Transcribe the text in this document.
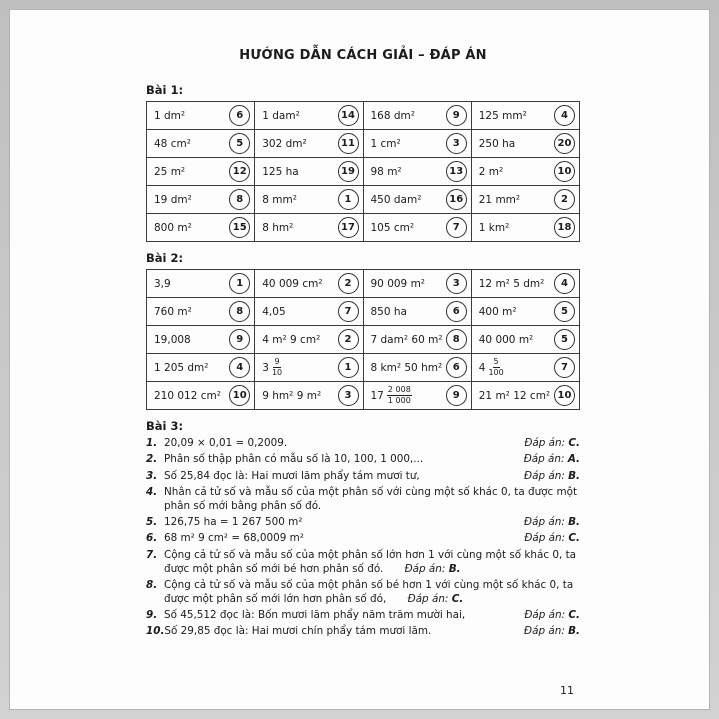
HƯỚNG DẪN CÁCH GIẢI – ĐÁP ÁN
Bài 1:
1 dm² 6	1 dam² 14	168 dm² 9	125 mm² 4

48 cm² 5	302 dm² 11	1 cm² 3	250 ha 20

25 m² 12	125 ha 19	98 m² 13	2 m² 10

19 dm² 8	8 mm² 1	450 dam² 16	21 mm² 2

800 m² 15	8 hm² 17	105 cm² 7	1 km² 18
Bài 2:
3,9 1	40 009 cm² 2	90 009 m² 3	12 m² 5 dm² 4

760 m² 8	4,05 7	850 ha 6	400 m² 5

19,008 9	4 m² 9 cm² 2	7 dam² 60 m² 8	40 000 m² 5

1 205 dm² 4	$3 \frac{9}{10} 1$	8 km² 50 hm² 6	$4 \frac{5}{100} 7$

210 012 cm² 10	9 hm² 9 m² 3	$17 \frac{2 008}{1 000} 9$	21 m² 12 cm² 10
Bài 3:
1. 20,09 × 0,01 = 0,2009.	Đáp án: C.
2. Phân số thập phân có mẫu số là 10, 100, 1 000,...	Đáp án: A.
3. Số 25,84 đọc là: Hai mươi lăm phẩy tám mươi tư,	Đáp án: B.
4. Nhân cả tử số và mẫu số của một phân số với cùng một số khác 0, ta được một phân số mới bằng phân số đó.
5. 126,75 ha = 1 267 500 m²	Đáp án: B.
6. 68 m² 9 cm² = 68,0009 m²	Đáp án: C.
7. Cộng cả tử số và mẫu số của một phân số lớn hơn 1 với cùng một số khác 0, ta được một phân số mới bé hơn phân số đó. Đáp án: B.
8. Cộng cả tử số và mẫu số của một phân số bé hơn 1 với cùng một số khác 0, ta được một phân số mới lớn hơn phân số đó, Đáp án: C.
9. Số 45,512 đọc là: Bốn mươi lăm phẩy năm trăm mười hai,	Đáp án: C.
10. Số 29,85 đọc là: Hai mươi chín phẩy tám mươi lăm.	Đáp án: B.
11
